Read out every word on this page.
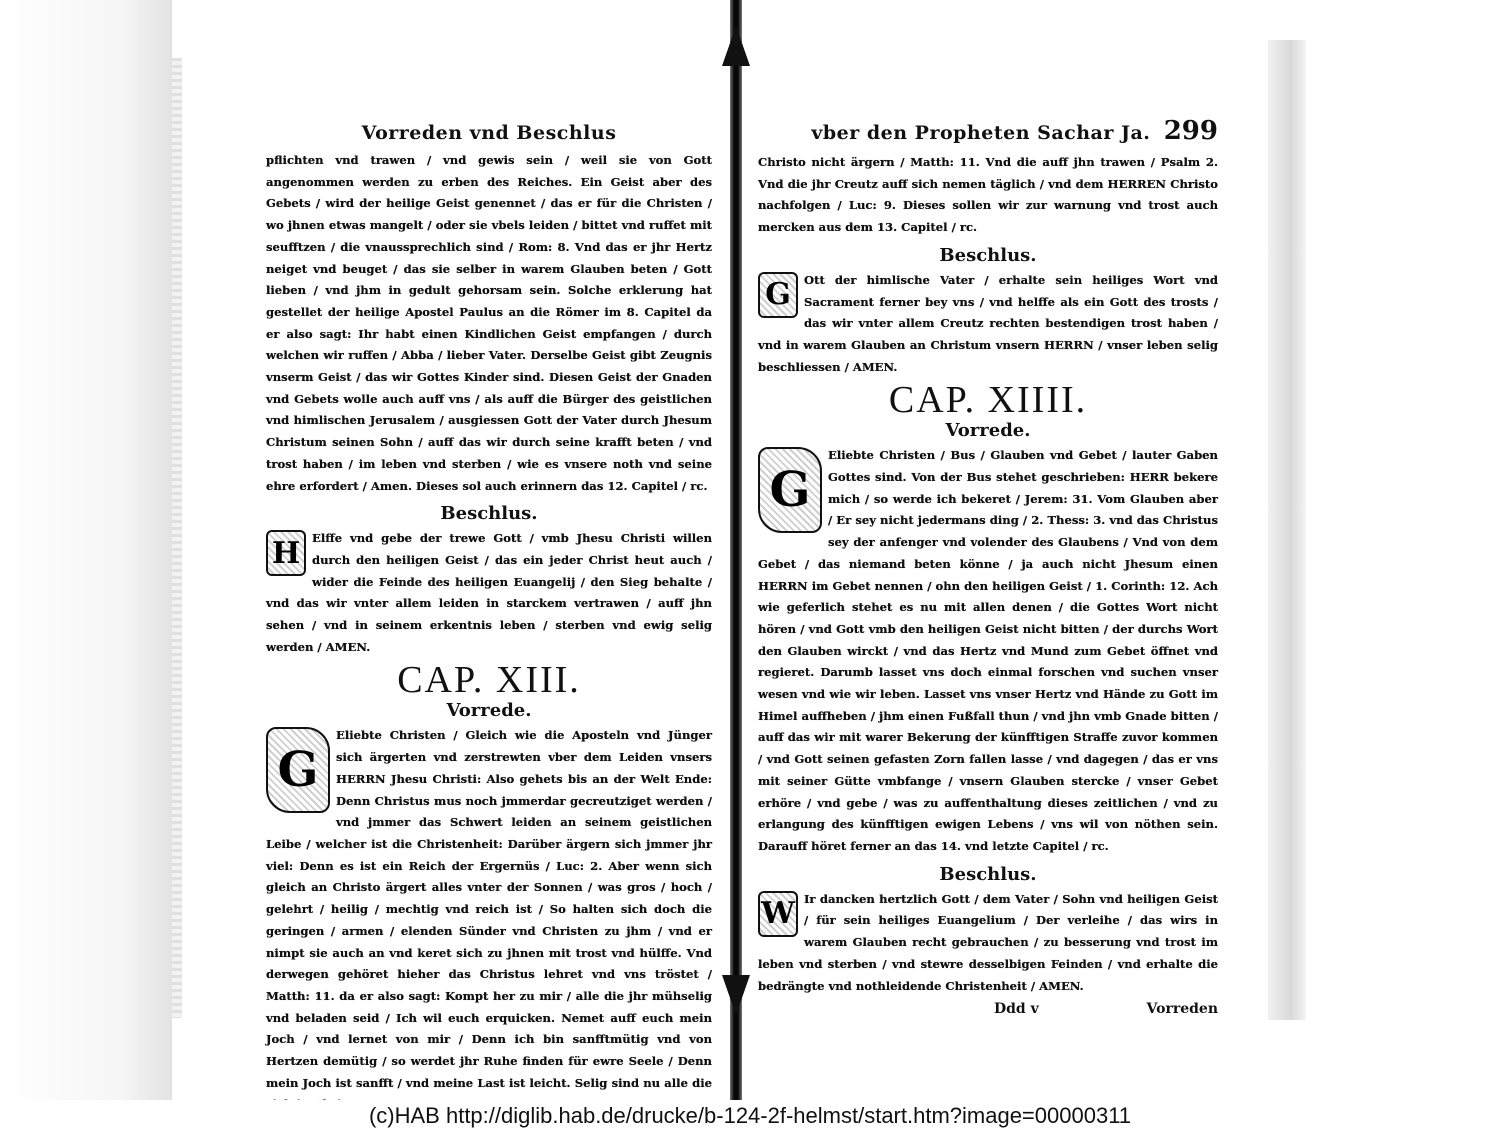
Vorreden vnd Beschlus

pflichten vnd trawen / vnd gewis sein / weil sie von Gott angenommen werden zu erben des Reiches. Ein Geist aber des Gebets / wird der heilige Geist genennet / das er für die Christen / wo jhnen etwas mangelt / oder sie vbels leiden / bittet vnd ruffet mit seufftzen / die vnaussprechlich sind / Rom: 8. Vnd das er jhr Hertz neiget vnd beuget / das sie selber in warem Glauben beten / Gott lieben / vnd jhm in gedult gehorsam sein. Solche erklerung hat gestellet der heilige Apostel Paulus an die Römer im 8. Capitel da er also sagt: Ihr habt einen Kindlichen Geist empfangen / durch welchen wir ruffen / Abba / lieber Vater. Derselbe Geist gibt Zeugnis vnserm Geist / das wir Gottes Kinder sind. Diesen Geist der Gnaden vnd Gebets wolle auch auff vns / als auff die Bürger des geistlichen vnd himlischen Jerusalem / ausgiessen Gott der Vater durch Jhesum Christum seinen Sohn / auff das wir durch seine krafft beten / vnd trost haben / im leben vnd sterben / wie es vnsere noth vnd seine ehre erfordert / Amen. Dieses sol auch erinnern das 12. Capitel / rc.

Beschlus.
H	Elffe vnd gebe der trewe Gott / vmb Jhesu Christi willen durch den heiligen Geist / das ein jeder Christ heut auch / wider die Feinde des heiligen Euangelij / den Sieg behalte / vnd das wir vnter allem leiden in starckem vertrawen / auff jhn sehen / vnd in seinem erkentnis leben / sterben vnd ewig selig werden / AMEN.

CAP. XIII.
Vorrede.
G

Eliebte Christen / Gleich wie die Aposteln vnd Jünger sich ärgerten vnd zerstrewten vber dem Leiden vnsers HERRN Jhesu Christi: Also gehets bis an der Welt Ende: Denn Christus mus noch jmmerdar gecreutziget werden / vnd jmmer das Schwert leiden an seinem geistlichen Leibe / welcher ist die Christenheit: Darüber ärgern sich jmmer jhr viel: Denn es ist ein Reich der Ergernüs / Luc: 2. Aber wenn sich gleich an Christo ärgert alles vnter der Sonnen / was gros / hoch / gelehrt / heilig / mechtig vnd reich ist / So halten sich doch die geringen / armen / elenden Sünder vnd Christen zu jhm / vnd er nimpt sie auch an vnd keret sich zu jhnen mit trost vnd hülffe. Vnd derwegen gehöret hieher das Christus lehret vnd vns tröstet / Matth: 11. da er also sagt: Kompt her zu mir / alle die jhr mühselig vnd beladen seid / Ich wil euch erquicken. Nemet auff euch mein Joch / vnd lernet von mir / Denn ich bin sanfftmütig vnd von Hertzen demütig / so werdet jhr Ruhe finden für ewre Seele / Denn mein Joch ist sanfft / vnd meine Last ist leicht. Selig sind nu alle die

vber den Propheten Sachar Ja. 299

Christo nicht ärgern / Matth: 11. Vnd die auff jhn trawen / Psalm 2. Vnd die jhr Creutz auff sich nemen täglich / vnd dem HERREN Christo nachfolgen / Luc: 9. Dieses sollen wir zur warnung vnd trost auch mercken aus dem 13. Capitel / rc.

Beschlus.
G	Ott der himlische Vater / erhalte sein heiliges Wort vnd Sacrament ferner bey vns / vnd helffe als ein Gott des trosts / das wir vnter allem Creutz rechten bestendigen trost haben / vnd in warem Glauben an Christum vnsern HERRN / vnser leben selig beschliessen / AMEN.

CAP. XIIII.
Vorrede.
G

Eliebte Christen / Bus / Glauben vnd Gebet / lauter Gaben Gottes sind. Von der Bus stehet geschrieben: HERR bekere mich / so werde ich bekeret / Jerem: 31. Vom Glauben aber / Er sey nicht jedermans ding / 2. Thess: 3. vnd das Christus sey der anfenger vnd volender des Glaubens / Vnd von dem Gebet / das niemand beten könne / ja auch nicht Jhesum einen HERRN im Gebet nennen / ohn den heiligen Geist / 1. Corinth: 12. Ach wie geferlich stehet es nu mit allen denen / die Gottes Wort nicht hören / vnd Gott vmb den heiligen Geist nicht bitten / der durchs Wort den Glauben wirckt / vnd das Hertz vnd Mund zum Gebet öffnet vnd regieret. Darumb lasset vns doch einmal forschen vnd suchen vnser wesen vnd wie wir leben. Lasset vns vnser Hertz vnd Hände zu Gott im Himel auffheben / jhm einen Fußfall thun / vnd jhn vmb Gnade bitten / auff das wir mit warer Bekerung der künfftigen Straffe zuvor kommen / vnd Gott seinen gefasten Zorn fallen lasse / vnd dagegen / das er vns mit seiner Gütte vmbfange / vnsern Glauben stercke / vnser Gebet erhöre / vnd gebe / was zu auffenthaltung dieses zeitlichen / vnd zu erlangung des künfftigen ewigen Lebens / vns wil von nöthen sein. Darauff höret ferner an das 14. vnd letzte Capitel / rc.

Beschlus.
W Ir dancken hertzlich Gott / dem Vater / Sohn vnd heiligen Geist / für sein heiliges Euangelium / Der verleihe / das wirs in warem Glauben recht gebrauchen / zu besserung vnd trost im leben vnd sterben / vnd stewre desselbigen Feinden / vnd erhalte die bedrängte vnd nothleidende Christenheit / AMEN.

Ddd v	Vorreden
(c)HAB http://diglib.hab.de/drucke/b-124-2f-helmst/start.htm?image=00000311
